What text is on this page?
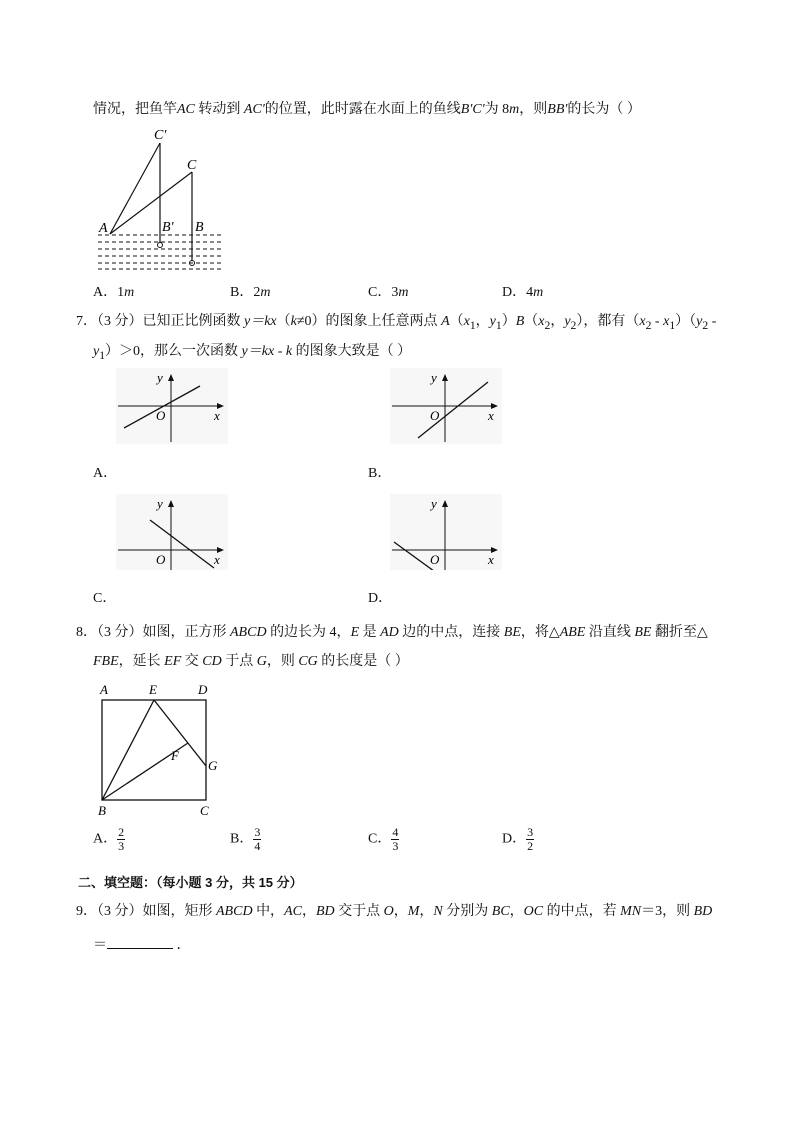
情况，把鱼竿AC 转动到 AC'的位置，此时露在水面上的鱼线B'C'为 8m，则BB'的长为（ ）
C'
C
A	B' B
A．1m	B．2m	C．3m	D．4m
7．（3 分）已知正比例函数 y＝kx（k≠0）的图象上任意两点 $A(x_1$，$y_1)B(x_2$，$y_2$），都有$(x_2 - x_1)(y_2$ -
$y_1)>0$，那么一次函数 y＝kx - k 的图象大致是（ ）
y
x
O
A．
y
x
O
B．
y
x
O
C．
y
x
O
D．
8．（3 分）如图，正方形 ABCD 的边长为 4，E 是 AD 边的中点，连接 BE，将△ABE 沿直线 BE 翻折至△
FBE，延长 EF 交 CD 于点 G，则 CG 的长度是（ ）
A	E	D
F
G
B	C
A． $\frac{2}{3}$	B． $\frac{3}{4}$	C． $\frac{4}{3}$	D． $\frac{3}{2}$
二、填空题：（每小题 3 分，共 15 分）
9．（3 分）如图，矩形 ABCD 中，AC，BD 交于点 O，M，N 分别为 BC，OC 的中点，若 MN＝3，则 BD
＝	．
